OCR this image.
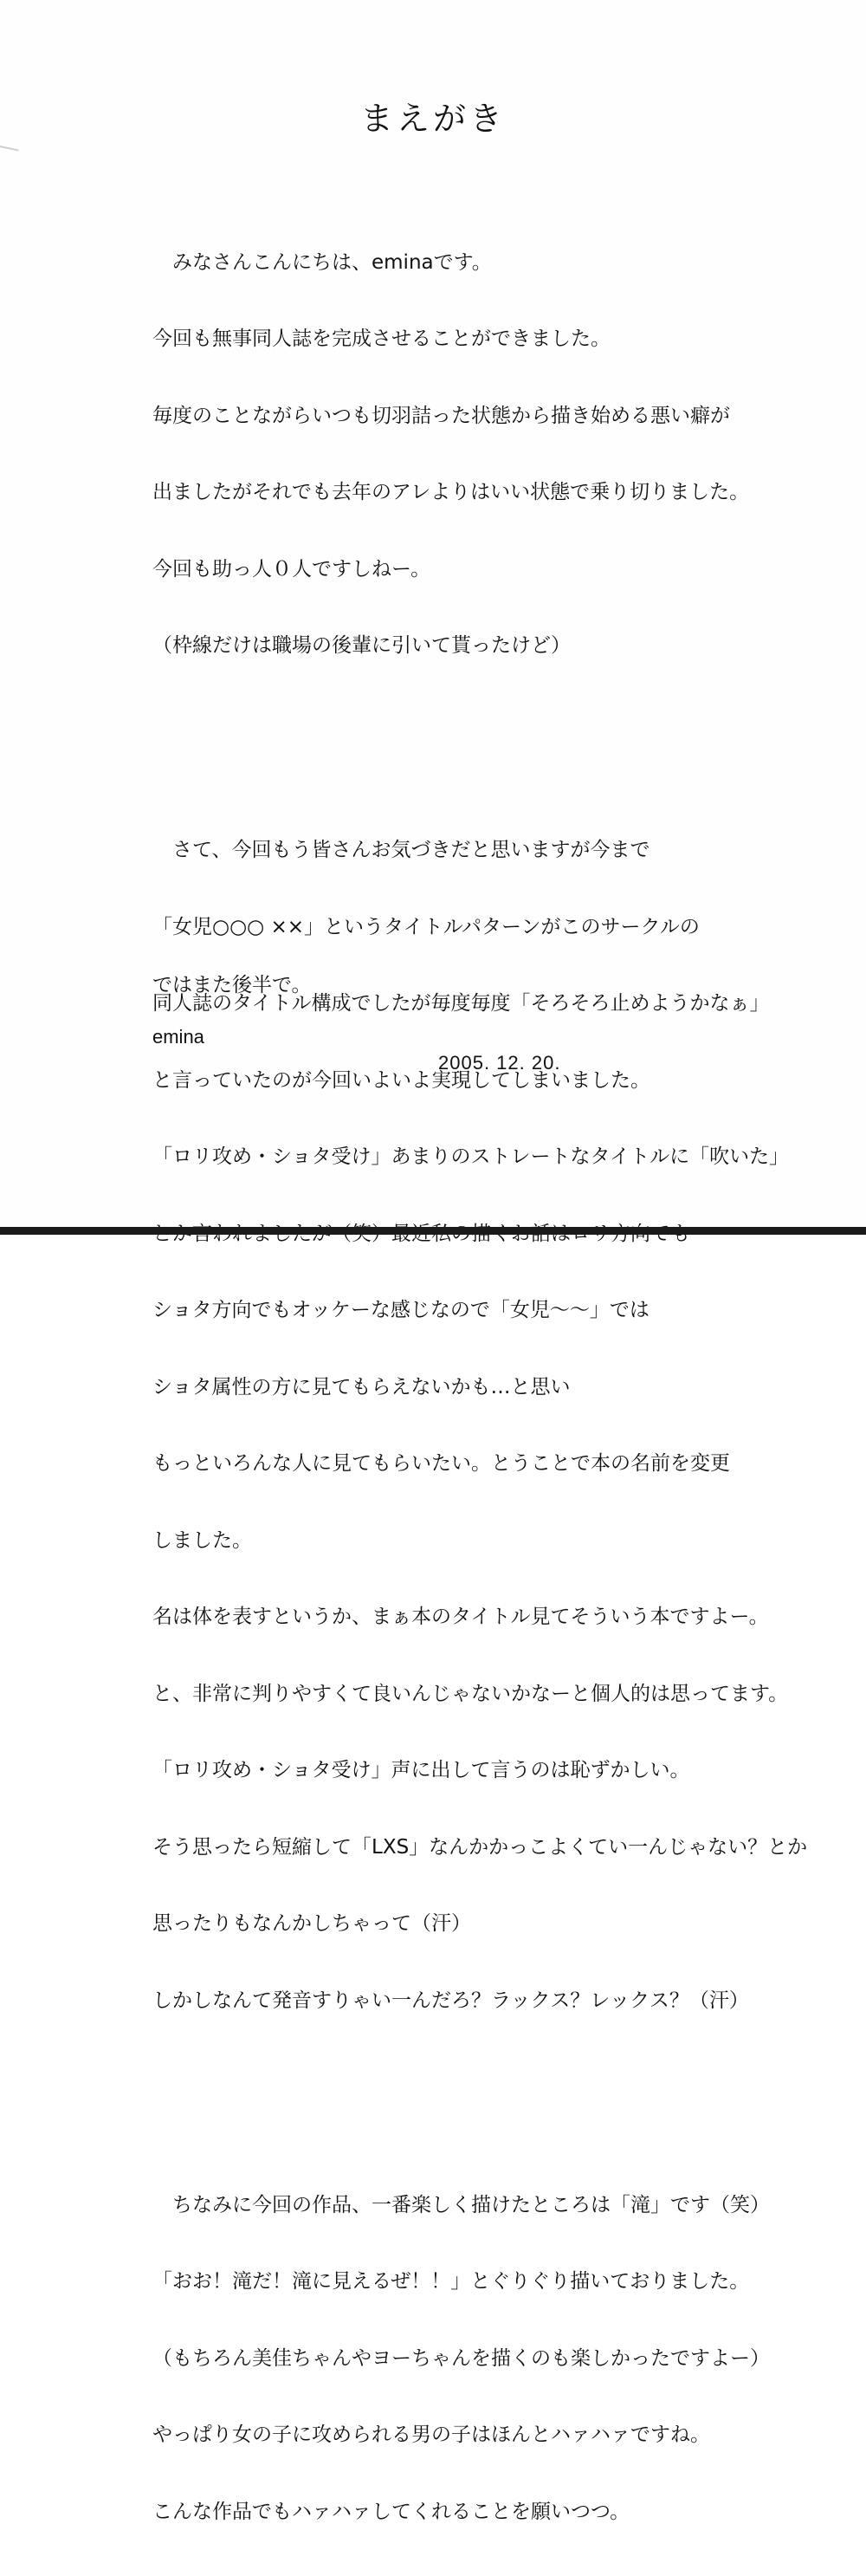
まえがき

　みなさんこんにちは、eminaです。

今回も無事同人誌を完成させることができました。

毎度のことながらいつも切羽詰った状態から描き始める悪い癖が

出ましたがそれでも去年のアレよりはいい状態で乗り切りました。

今回も助っ人０人ですしねー。

（枠線だけは職場の後輩に引いて貰ったけど）

　さて、今回もう皆さんお気づきだと思いますが今まで

「女児○○○ ××」というタイトルパターンがこのサークルの

同人誌のタイトル構成でしたが毎度毎度「そろそろ止めようかなぁ」

と言っていたのが今回いよいよ実現してしまいました。

「ロリ攻め・ショタ受け」あまりのストレートなタイトルに「吹いた」

ショタ方向でもオッケーな感じなので「女児～～」では

ショタ属性の方に見てもらえないかも…と思い

もっといろんな人に見てもらいたい。とうことで本の名前を変更

しました。

名は体を表すというか、まぁ本のタイトル見てそういう本ですよー。

と、非常に判りやすくて良いんじゃないかなーと個人的は思ってます。

「ロリ攻め・ショタ受け」声に出して言うのは恥ずかしい。

そう思ったら短縮して「LXS」なんかかっこよくてい一んじゃない？とか

思ったりもなんかしちゃって（汗）

しかしなんて発音すりゃい一んだろ？ラックス？レックス？（汗）

　ちなみに今回の作品、一番楽しく描けたところは「滝」です（笑）

「おお！滝だ！滝に見えるぜ！！」とぐりぐり描いておりました。

（もちろん美佳ちゃんやヨーちゃんを描くのも楽しかったですよー）

やっぱり女の子に攻められる男の子はほんとハァハァですね。

こんな作品でもハァハァしてくれることを願いつつ。

ではまた後半で。
emina
2005. 12. 20.
